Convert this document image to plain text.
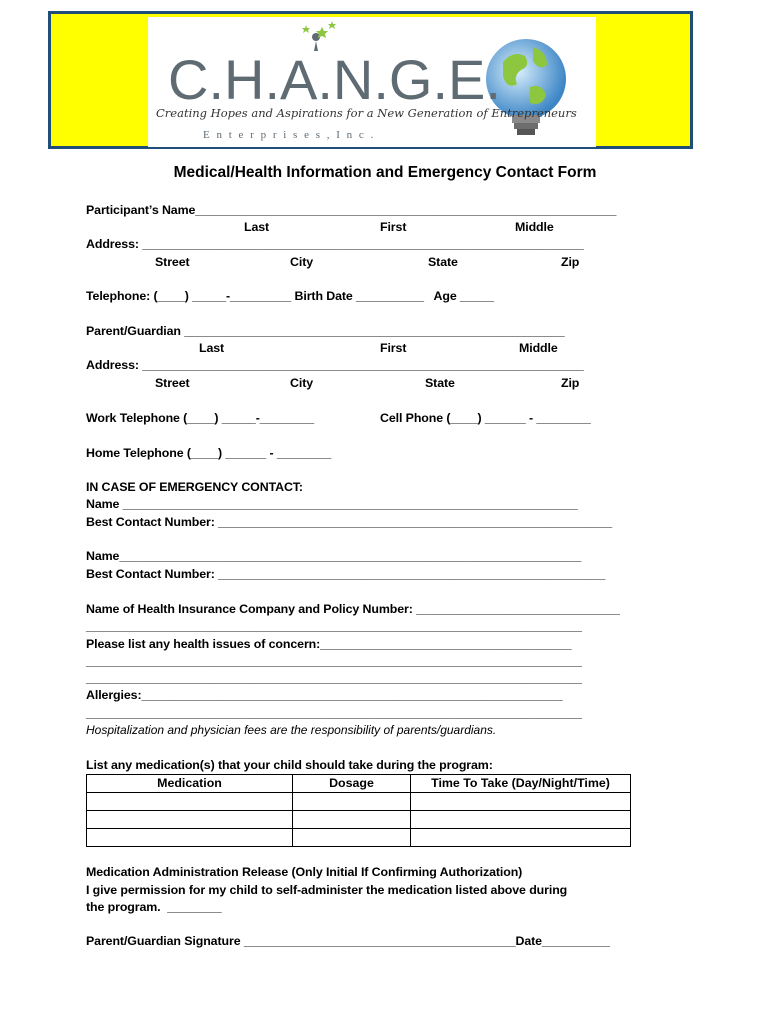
C.H.A.N.G.E.
Creating Hopes and Aspirations for a New Generation of Entrepreneurs
E n t e r p r i s e s , I n c .
Medical/Health Information and Emergency Contact Form
Participant’s Name______________________________________________________________
Last	First	Middle
Address: _________________________________________________________________
Street	City	State	Zip
Telephone: (____) _____-_________ Birth Date __________   Age _____
Parent/Guardian ________________________________________________________
Last	First	Middle
Address: _________________________________________________________________
Street	City	State	Zip
Work Telephone (____) _____-________	Cell Phone (____) ______ - ________
Home Telephone (____) ______ - ________
IN CASE OF EMERGENCY CONTACT:
Name ___________________________________________________________________
Best Contact Number: __________________________________________________________
Name____________________________________________________________________
Best Contact Number: _________________________________________________________
Name of Health Insurance Company and Policy Number: ______________________________
_________________________________________________________________________
Please list any health issues of concern:_____________________________________
_________________________________________________________________________
_________________________________________________________________________
Allergies:______________________________________________________________
_________________________________________________________________________
Hospitalization and physician fees are the responsibility of parents/guardians.
List any medication(s) that your child should take during the program:
Medication	Dosage	Time To Take (Day/Night/Time)

Medication Administration Release (Only Initial If Confirming Authorization)
I give permission for my child to self-administer the medication listed above during
the program.  ________
Parent/Guardian Signature ________________________________________Date__________
